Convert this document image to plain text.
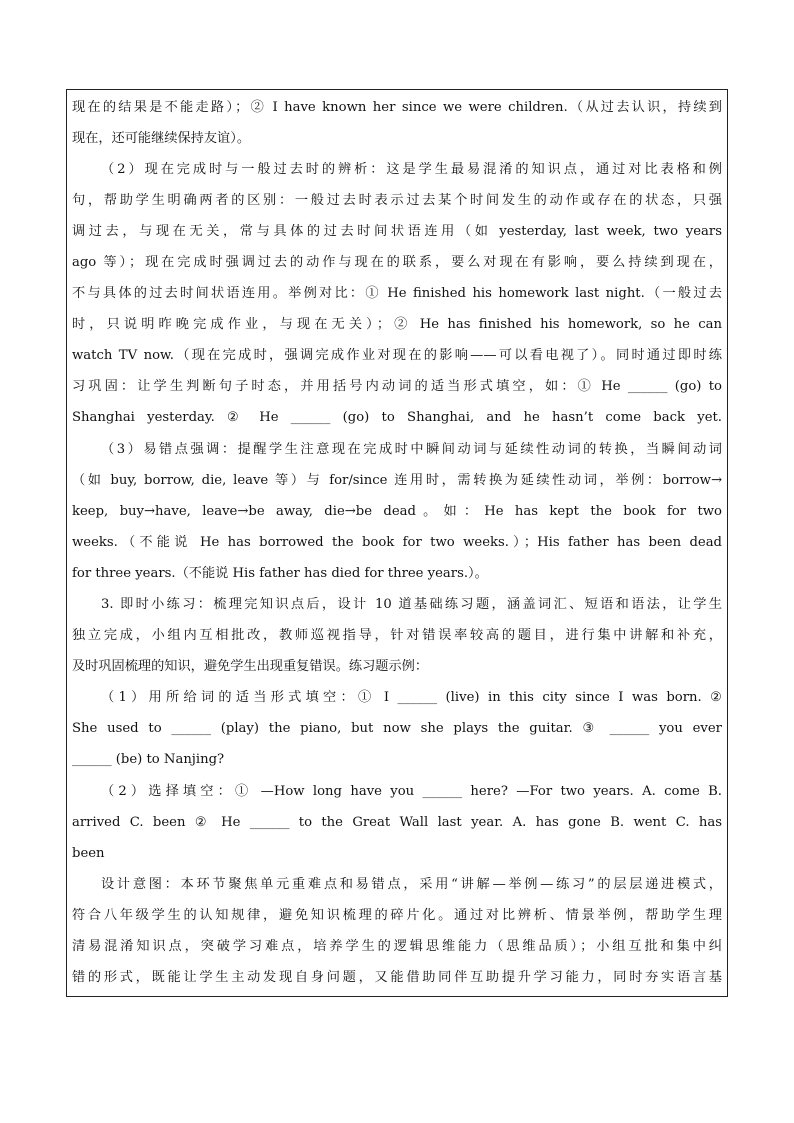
现在的结果是不能走路）；② I have known her since we were children.（从过去认识，持续到
现在，还可能继续保持友谊）。
（2）现在完成时与一般过去时的辨析：这是学生最易混淆的知识点，通过对比表格和例
句，帮助学生明确两者的区别：一般过去时表示过去某个时间发生的动作或存在的状态，只强
调过去，与现在无关，常与具体的过去时间状语连用（如 yesterday, last week, two years
ago 等）；现在完成时强调过去的动作与现在的联系，要么对现在有影响，要么持续到现在，
不与具体的过去时间状语连用。举例对比：① He finished his homework last night.（一般过去
时，只说明昨晚完成作业，与现在无关）；② He has finished his homework, so he can
watch TV now.（现在完成时，强调完成作业对现在的影响——可以看电视了）。同时通过即时练
习巩固：让学生判断句子时态，并用括号内动词的适当形式填空，如：① He ______ (go) to
Shanghai yesterday. ② He ______ (go) to Shanghai, and he hasn’t come back yet.
（3）易错点强调：提醒学生注意现在完成时中瞬间动词与延续性动词的转换，当瞬间动词
（如 buy, borrow, die, leave 等）与 for/since 连用时，需转换为延续性动词，举例：borrow→
keep, buy→have, leave→be away, die→be dead。如：He has kept the book for two
weeks.（不能说 He has borrowed the book for two weeks.）；His father has been dead
for three years.（不能说 His father has died for three years.）。
3. 即时小练习：梳理完知识点后，设计 10 道基础练习题，涵盖词汇、短语和语法，让学生
独立完成，小组内互相批改，教师巡视指导，针对错误率较高的题目，进行集中讲解和补充，
及时巩固梳理的知识，避免学生出现重复错误。练习题示例：
（1）用所给词的适当形式填空：① I ______ (live) in this city since I was born. ②
She used to ______ (play) the piano, but now she plays the guitar. ③ ______ you ever
______ (be) to Nanjing?
（2）选择填空：① —How long have you ______ here? —For two years. A. come B.
arrived C. been ② He ______ to the Great Wall last year. A. has gone B. went C. has
been
设计意图：本环节聚焦单元重难点和易错点，采用“讲解—举例—练习”的层层递进模式，
符合八年级学生的认知规律，避免知识梳理的碎片化。通过对比辨析、情景举例，帮助学生理
清易混淆知识点，突破学习难点，培养学生的逻辑思维能力（思维品质）；小组互批和集中纠
错的形式，既能让学生主动发现自身问题，又能借助同伴互助提升学习能力，同时夯实语言基
